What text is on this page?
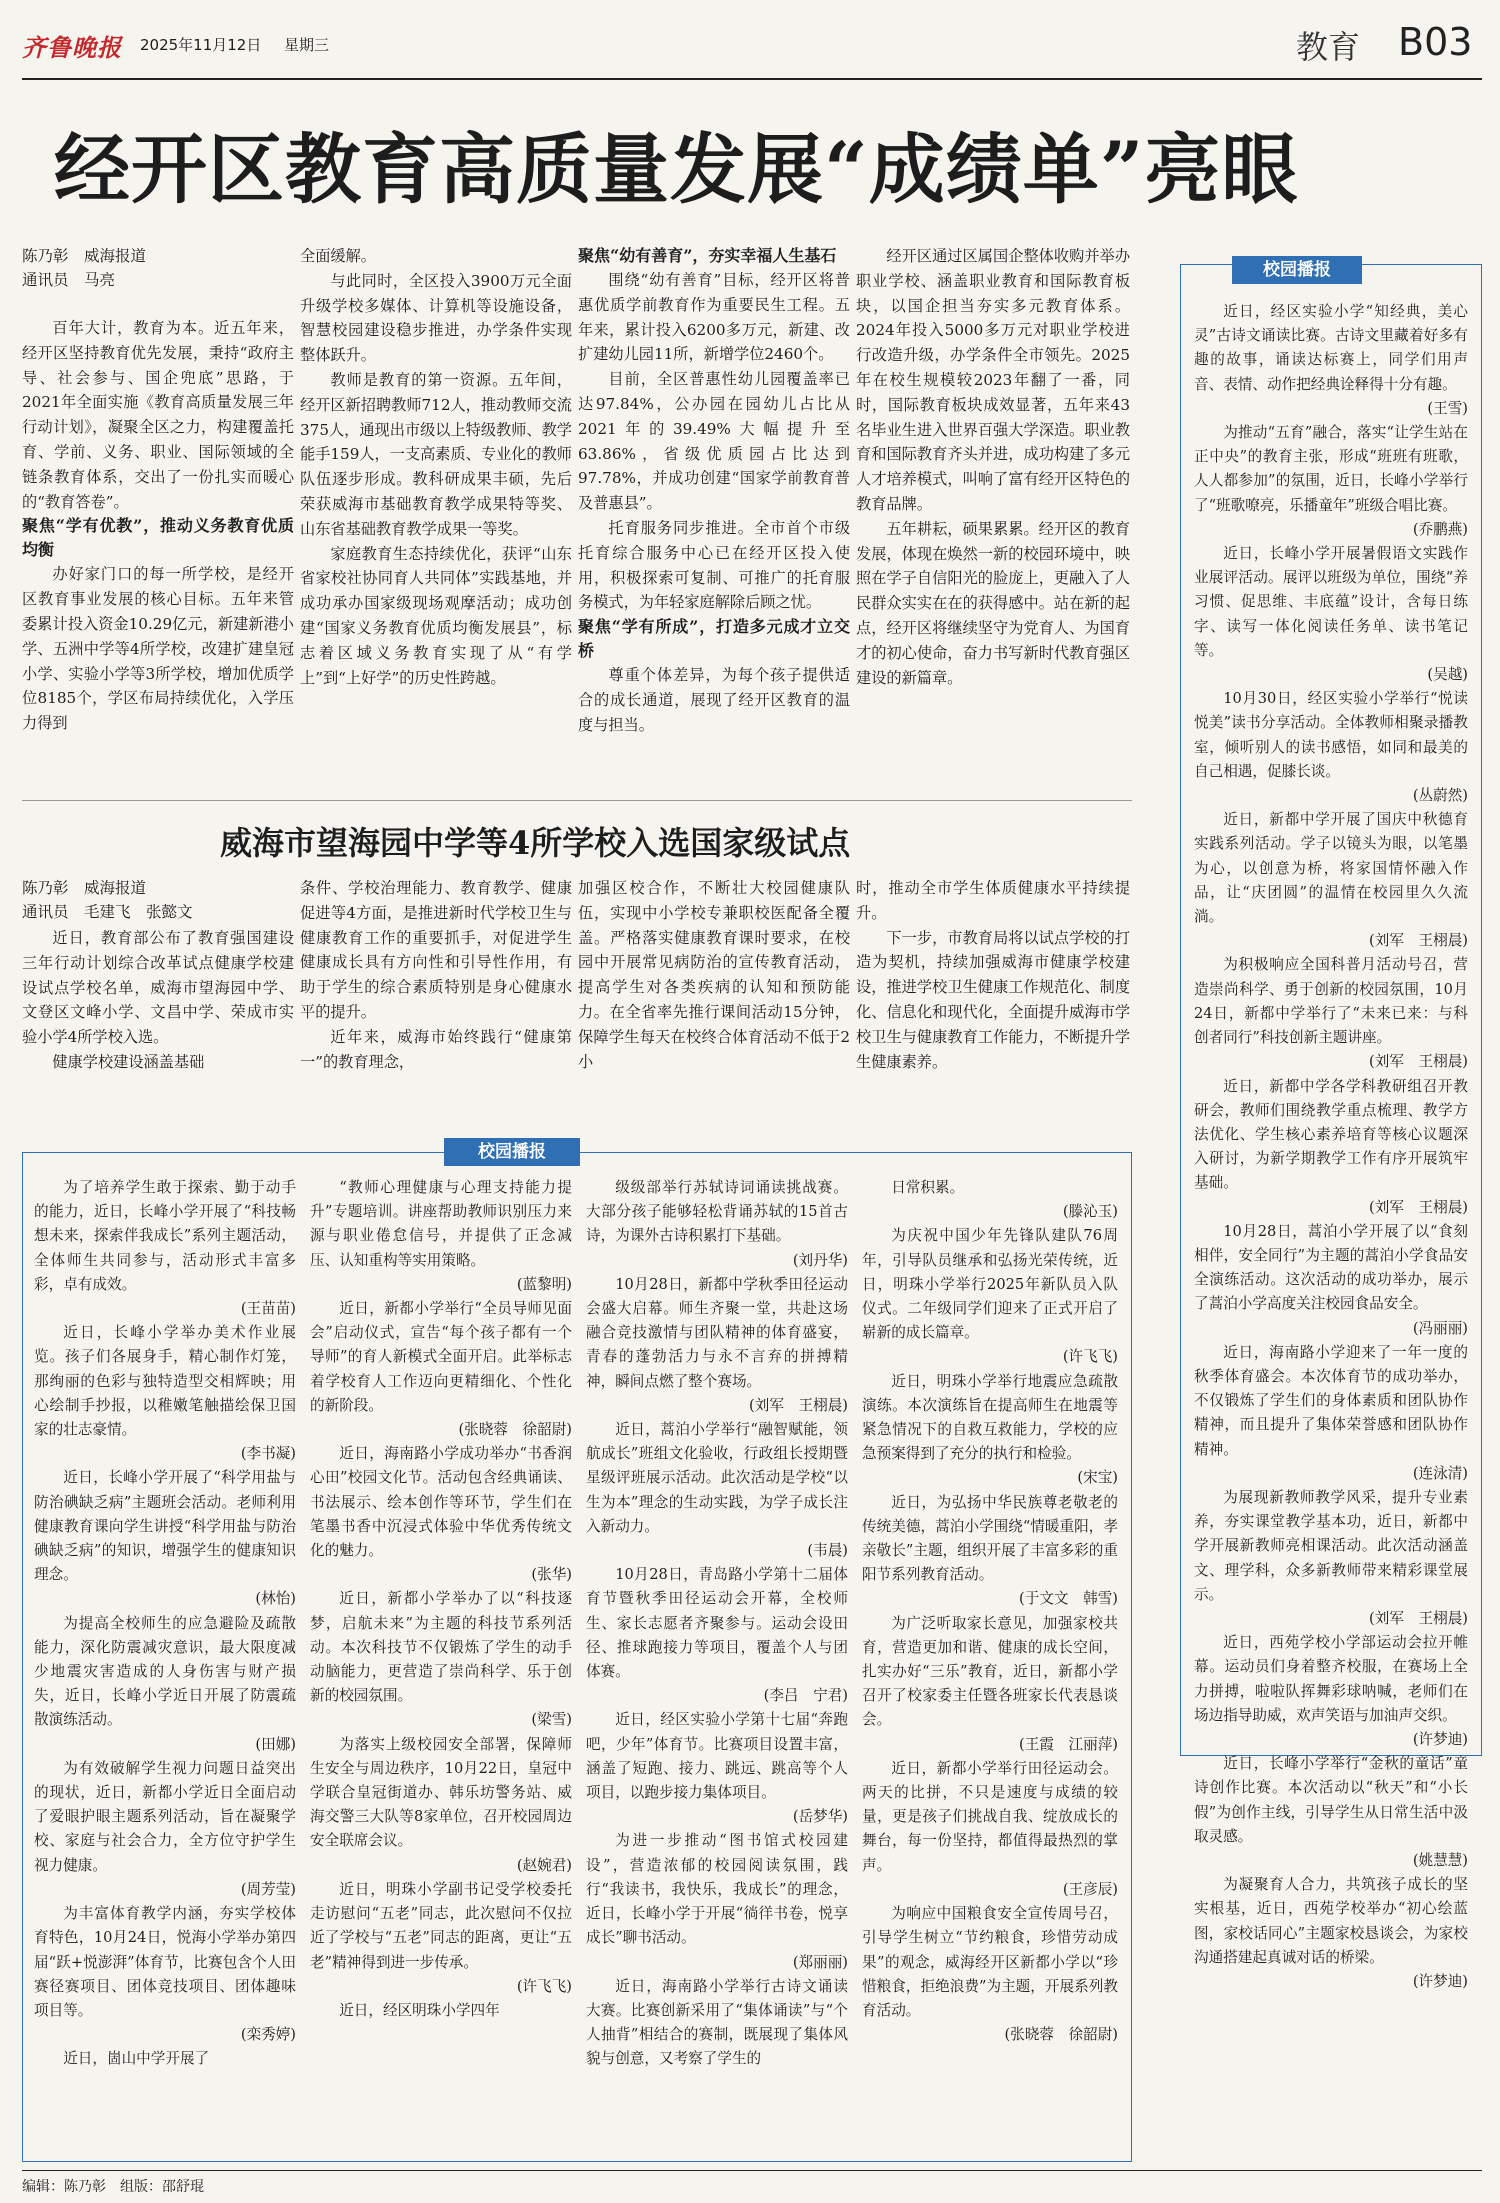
齐鲁晚报 2025年11月12日 星期三	教育 B03
经开区教育高质量发展“成绩单”亮眼
陈乃彰　威海报道
通讯员　马亮

百年大计，教育为本。近五年来，经开区坚持教育优先发展，秉持“政府主导、社会参与、国企兜底”思路，于2021年全面实施《教育高质量发展三年行动计划》，凝聚全区之力，构建覆盖托育、学前、义务、职业、国际领域的全链条教育体系，交出了一份扎实而暖心的“教育答卷”。

聚焦“学有优教”，推动义务教育优质均衡

办好家门口的每一所学校，是经开区教育事业发展的核心目标。五年来管委累计投入资金10.29亿元，新建新港小学、五洲中学等4所学校，改建扩建皇冠小学、实验小学等3所学校，增加优质学位8185个，学区布局持续优化，入学压力得到

全面缓解。

与此同时，全区投入3900万元全面升级学校多媒体、计算机等设施设备，智慧校园建设稳步推进，办学条件实现整体跃升。

教师是教育的第一资源。五年间，经开区新招聘教师712人，推动教师交流375人，通现出市级以上特级教师、教学能手159人，一支高素质、专业化的教师队伍逐步形成。教科研成果丰硕，先后荣获威海市基础教育教学成果特等奖、山东省基础教育教学成果一等奖。

家庭教育生态持续优化，获评“山东省家校社协同育人共同体”实践基地，并成功承办国家级现场观摩活动；成功创建“国家义务教育优质均衡发展县”，标志着区域义务教育实现了从“有学上”到“上好学”的历史性跨越。

聚焦“幼有善育”，夯实幸福人生基石

围绕“幼有善育”目标，经开区将普惠优质学前教育作为重要民生工程。五年来，累计投入6200多万元，新建、改扩建幼儿园11所，新增学位2460个。

目前，全区普惠性幼儿园覆盖率已达97.84%，公办园在园幼儿占比从2021年的39.49%大幅提升至63.86%，省级优质园占比达到97.78%，并成功创建“国家学前教育普及普惠县”。

托育服务同步推进。全市首个市级托育综合服务中心已在经开区投入使用，积极探索可复制、可推广的托育服务模式，为年轻家庭解除后顾之忧。

聚焦“学有所成”，打造多元成才立交桥

尊重个体差异，为每个孩子提供适合的成长通道，展现了经开区教育的温度与担当。

经开区通过区属国企整体收购并举办职业学校、涵盖职业教育和国际教育板块，以国企担当夯实多元教育体系。2024年投入5000多万元对职业学校进行改造升级，办学条件全市领先。2025年在校生规模较2023年翻了一番，同时，国际教育板块成效显著，五年来43名毕业生进入世界百强大学深造。职业教育和国际教育齐头并进，成功构建了多元人才培养模式，叫响了富有经开区特色的教育品牌。

五年耕耘，硕果累累。经开区的教育发展，体现在焕然一新的校园环境中，映照在学子自信阳光的脸庞上，更融入了人民群众实实在在的获得感中。站在新的起点，经开区将继续坚守为党育人、为国育才的初心使命，奋力书写新时代教育强区建设的新篇章。

威海市望海园中学等4所学校入选国家级试点
陈乃彰　威海报道
通讯员　毛建飞　张懿文

近日，教育部公布了教育强国建设三年行动计划综合改革试点健康学校建设试点学校名单，威海市望海园中学、文登区文峰小学、文昌中学、荣成市实验小学4所学校入选。

健康学校建设涵盖基础

条件、学校治理能力、教育教学、健康促进等4方面，是推进新时代学校卫生与健康教育工作的重要抓手，对促进学生健康成长具有方向性和引导性作用，有助于学生的综合素质特别是身心健康水平的提升。

近年来，威海市始终践行“健康第一”的教育理念，

加强区校合作，不断壮大校园健康队伍，实现中小学校专兼职校医配备全覆盖。严格落实健康教育课时要求，在校园中开展常见病防治的宣传教育活动，提高学生对各类疾病的认知和预防能力。在全省率先推行课间活动15分钟，保障学生每天在校终合体育活动不低于2小

时，推动全市学生体质健康水平持续提升。

下一步，市教育局将以试点学校的打造为契机，持续加强威海市健康学校建设，推进学校卫生健康工作规范化、制度化、信息化和现代化，全面提升威海市学校卫生与健康教育工作能力，不断提升学生健康素养。

校园播报

近日，经区实验小学“知经典，美心灵”古诗文诵读比赛。古诗文里藏着好多有趣的故事，诵读达标赛上，同学们用声音、表情、动作把经典诠释得十分有趣。

(王雪)

为推动“五育”融合，落实“让学生站在正中央”的教育主张，形成“班班有班歌，人人都参加”的氛围，近日，长峰小学举行了“班歌嘹亮，乐播童年”班级合唱比赛。

(乔鹏燕)

近日，长峰小学开展暑假语文实践作业展评活动。展评以班级为单位，围绕“养习惯、促思维、丰底蕴”设计，含每日练字、读写一体化阅读任务单、读书笔记等。

(吴越)

10月30日，经区实验小学举行“悦读悦美”读书分享活动。全体教师相聚录播教室，倾听别人的读书感悟，如同和最美的自己相遇，促膝长谈。

(丛蔚然)

近日，新都中学开展了国庆中秋德育实践系列活动。学子以镜头为眼，以笔墨为心，以创意为桥，将家国情怀融入作品，让“庆团圆”的温情在校园里久久流淌。

(刘军　王栩晨)

为积极响应全国科普月活动号召，营造崇尚科学、勇于创新的校园氛围，10月24日，新都中学举行了“未来已来：与科创者同行”科技创新主题讲座。

(刘军　王栩晨)

近日，新都中学各学科教研组召开教研会，教师们围绕教学重点梳理、教学方法优化、学生核心素养培育等核心议题深入研讨，为新学期教学工作有序开展筑牢基础。

(刘军　王栩晨)

10月28日，蒿泊小学开展了以“食刻相伴，安全同行”为主题的蒿泊小学食品安全演练活动。这次活动的成功举办，展示了蒿泊小学高度关注校园食品安全。

(冯丽丽)

近日，海南路小学迎来了一年一度的秋季体育盛会。本次体育节的成功举办，不仅锻炼了学生们的身体素质和团队协作精神，而且提升了集体荣誉感和团队协作精神。

(连泳清)

为展现新教师教学风采，提升专业素养，夯实课堂教学基本功，近日，新都中学开展新教师亮相课活动。此次活动涵盖文、理学科，众多新教师带来精彩课堂展示。

(刘军　王栩晨)

近日，西苑学校小学部运动会拉开帷幕。运动员们身着整齐校服，在赛场上全力拼搏，啦啦队挥舞彩球呐喊，老师们在场边指导助威，欢声笑语与加油声交织。

(许梦迪)

近日，长峰小学举行“金秋的童话”童诗创作比赛。本次活动以“秋天”和“小长假”为创作主线，引导学生从日常生活中汲取灵感。

(姚慧慧)

为凝聚育人合力，共筑孩子成长的坚实根基，近日，西苑学校举办“初心绘蓝图，家校话同心”主题家校恳谈会，为家校沟通搭建起真诚对话的桥梁。

(许梦迪)

校园播报

为了培养学生敢于探索、勤于动手的能力，近日，长峰小学开展了“科技畅想未来，探索伴我成长”系列主题活动，全体师生共同参与，活动形式丰富多彩，卓有成效。

(王苗苗)

近日，长峰小学举办美术作业展览。孩子们各展身手，精心制作灯笼，那绚丽的色彩与独特造型交相辉映；用心绘制手抄报，以稚嫩笔触描绘保卫国家的壮志豪情。

(李书凝)

近日，长峰小学开展了“科学用盐与防治碘缺乏病”主题班会活动。老师利用健康教育课向学生讲授“科学用盐与防治碘缺乏病”的知识，增强学生的健康知识理念。

(林怡)

为提高全校师生的应急避险及疏散能力，深化防震减灾意识，最大限度减少地震灾害造成的人身伤害与财产损失，近日，长峰小学近日开展了防震疏散演练活动。

(田娜)

为有效破解学生视力问题日益突出的现状，近日，新都小学近日全面启动了爱眼护眼主题系列活动，旨在凝聚学校、家庭与社会合力，全方位守护学生视力健康。

(周芳莹)

为丰富体育教学内涵，夯实学校体育特色，10月24日，悦海小学举办第四届“跃+悦澎湃”体育节，比赛包含个人田赛径赛项目、团体竞技项目、团体趣味项目等。

(栾秀婷)

近日，崮山中学开展了

“教师心理健康与心理支持能力提升”专题培训。讲座帮助教师识别压力来源与职业倦怠信号，并提供了正念减压、认知重构等实用策略。

(蓝黎明)

近日，新都小学举行“全员导师见面会”启动仪式，宣告“每个孩子都有一个导师”的育人新模式全面开启。此举标志着学校育人工作迈向更精细化、个性化的新阶段。

(张晓蓉　徐韶尉)

近日，海南路小学成功举办“书香润心田”校园文化节。活动包含经典诵读、书法展示、绘本创作等环节，学生们在笔墨书香中沉浸式体验中华优秀传统文化的魅力。

(张华)

近日，新都小学举办了以“科技逐梦，启航未来”为主题的科技节系列活动。本次科技节不仅锻炼了学生的动手动脑能力，更营造了崇尚科学、乐于创新的校园氛围。

(梁雪)

为落实上级校园安全部署，保障师生安全与周边秩序，10月22日，皇冠中学联合皇冠街道办、韩乐坊警务站、威海交警三大队等8家单位，召开校园周边安全联席会议。

(赵婉君)

近日，明珠小学副书记受学校委托走访慰问“五老”同志，此次慰问不仅拉近了学校与“五老”同志的距离，更让“五老”精神得到进一步传承。

(许飞飞)

近日，经区明珠小学四年

级级部举行苏轼诗词诵读挑战赛。大部分孩子能够轻松背诵苏轼的15首古诗，为课外古诗积累打下基础。

(刘丹华)

10月28日，新都中学秋季田径运动会盛大启幕。师生齐聚一堂，共赴这场融合竞技激情与团队精神的体育盛宴，青春的蓬勃活力与永不言弃的拼搏精神，瞬间点燃了整个赛场。

(刘军　王栩晨)

近日，蒿泊小学举行“融智赋能，领航成长”班组文化验收，行政组长授期暨星级评班展示活动。此次活动是学校“以生为本”理念的生动实践，为学子成长注入新动力。

(韦晨)

10月28日，青岛路小学第十二届体育节暨秋季田径运动会开幕，全校师生、家长志愿者齐聚参与。运动会设田径、推球跑接力等项目，覆盖个人与团体赛。

(李吕　宁君)

近日，经区实验小学第十七届“奔跑吧，少年”体育节。比赛项目设置丰富，涵盖了短跑、接力、跳远、跳高等个人项目，以跑步接力集体项目。

(岳梦华)

为进一步推动“图书馆式校园建设”，营造浓郁的校园阅读氛围，践行“我读书，我快乐，我成长”的理念，近日，长峰小学于开展“徜徉书卷，悦享成长”聊书活动。

(郑丽丽)

近日，海南路小学举行古诗文诵读大赛。比赛创新采用了“集体诵读”与“个人抽背”相结合的赛制，既展现了集体风貌与创意，又考察了学生的

日常积累。

(滕沁玉)

为庆祝中国少年先锋队建队76周年，引导队员继承和弘扬光荣传统，近日，明珠小学举行2025年新队员入队仪式。二年级同学们迎来了正式开启了崭新的成长篇章。

(许飞飞)

近日，明珠小学举行地震应急疏散演练。本次演练旨在提高师生在地震等紧急情况下的自救互救能力，学校的应急预案得到了充分的执行和检验。

(宋宝)

近日，为弘扬中华民族尊老敬老的传统美德，蒿泊小学围绕“情暖重阳，孝亲敬长”主题，组织开展了丰富多彩的重阳节系列教育活动。

(于文文　韩雪)

为广泛听取家长意见，加强家校共育，营造更加和谐、健康的成长空间，扎实办好“三乐”教育，近日，新都小学召开了校家委主任暨各班家长代表恳谈会。

(王霞　江丽萍)

近日，新都小学举行田径运动会。两天的比拼，不只是速度与成绩的较量，更是孩子们挑战自我、绽放成长的舞台，每一份坚持，都值得最热烈的掌声。

(王彦辰)

为响应中国粮食安全宣传周号召，引导学生树立“节约粮食，珍惜劳动成果”的观念，威海经开区新都小学以“珍惜粮食，拒绝浪费”为主题，开展系列教育活动。

(张晓蓉　徐韶尉)

编辑：陈乃彰　组版：邵舒琨
